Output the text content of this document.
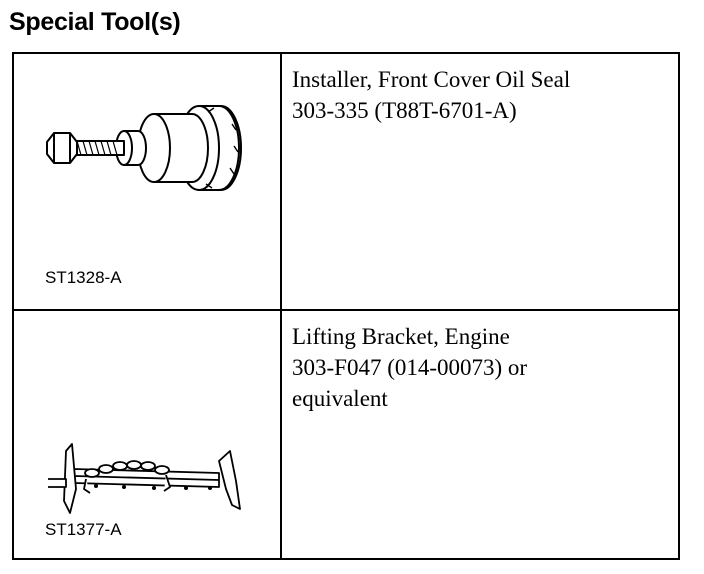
Special Tool(s)
ST1328-A
Installer, Front Cover Oil Seal
303-335 (T88T-6701-A)
ST1377-A
Lifting Bracket, Engine
303-F047 (014-00073) or
equivalent
